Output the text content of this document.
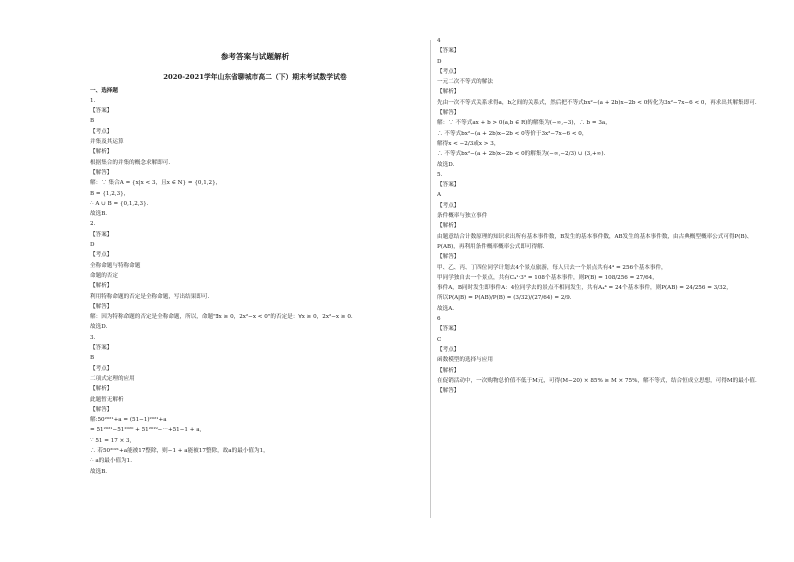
参考答案与试题解析
2020-2021学年山东省聊城市高二（下）期末考试数学试卷
一、选择题
1.
【答案】
B
【考点】
并集及其运算
【解析】
根据集合的并集的概念求解即可.
【解答】
解：∵ 集合A = {x|x < 3，且x ∈ N} = {0,1,2}，
B = {1,2,3}，
∴ A ∪ B = {0,1,2,3}.
故选B.
2.
【答案】
D
【考点】
全称命题与特称命题
命题的否定
【解析】
利用特称命题的否定是全称命题，写出结果即可.
【解答】
解：因为特称命题的否定是全称命题，所以，命题"∃x ≥ 0，2x²−x < 0"的否定是：∀x ≥ 0，2x²−x ≥ 0.
故选D.
3.
【答案】
B
【考点】
二项式定理的应用
【解析】
此题暂无解析
【解答】
解:50²⁰²¹+a = (51−1)²⁰²¹+a
= 51²⁰²¹−51²⁰²⁰ + 51²⁰¹⁹−⋯+51−1 + a,
∵ 51 = 17 × 3,
∴ 若50²⁰²¹+a能被17整除，则−1 + a能被17整除，故a的最小值为1，
∴ a的最小值为1.
故选B.
4
【答案】
D
【考点】
一元二次不等式的解法
【解析】
先由一次不等式关系求得a，b之间的关系式，然后把不等式bx²−(a + 2b)x−2b < 0转化为3x²−7x−6 < 0，再求出其解集即可.
【解答】
解：∵ 不等式ax + b > 0(a,b ∈ R)的解集为(−∞,−3)，∴ b = 3a，
∴ 不等式bx²−(a + 2b)x−2b < 0等价于3x²−7x−6 < 0，
解得x < −2/3或x > 3，
∴ 不等式bx²−(a + 2b)x−2b < 0的解集为(−∞,−2/3) ∪ (3,+∞).
故选D.
5.
【答案】
A
【考点】
条件概率与独立事件
【解析】
由题意结合计数原理的知识求出所有基本事件数，B发生的基本事件数，AB发生的基本事件数，由古典概型概率公式可得P(B)、P(AB)，再利用条件概率概率公式即可得解.
【解答】
甲、乙、丙、丁四位同学计划去4个景点旅游，每人只去一个景点共有4⁴ = 256个基本事件，
甲同学独自去一个景点，共有C₄¹·3³ = 108个基本事件，则P(B) = 108/256 = 27/64，
事件A，B同时发生即事件A：4位同学去的景点不相同发生，共有A₄⁴ = 24个基本事件，则P(AB) = 24/256 = 3/32，
所以P(A|B) = P(AB)/P(B) = (3/32)/(27/64) = 2/9.
故选A.
6
【答案】
C
【考点】
函数模型的选择与应用
【解析】
在促销活动中，一次购物总价值不低于M元，可得(M−20) × 85% ≥ M × 75%，解不等式，结合恒成立思想，可得M的最小值.
【解答】
